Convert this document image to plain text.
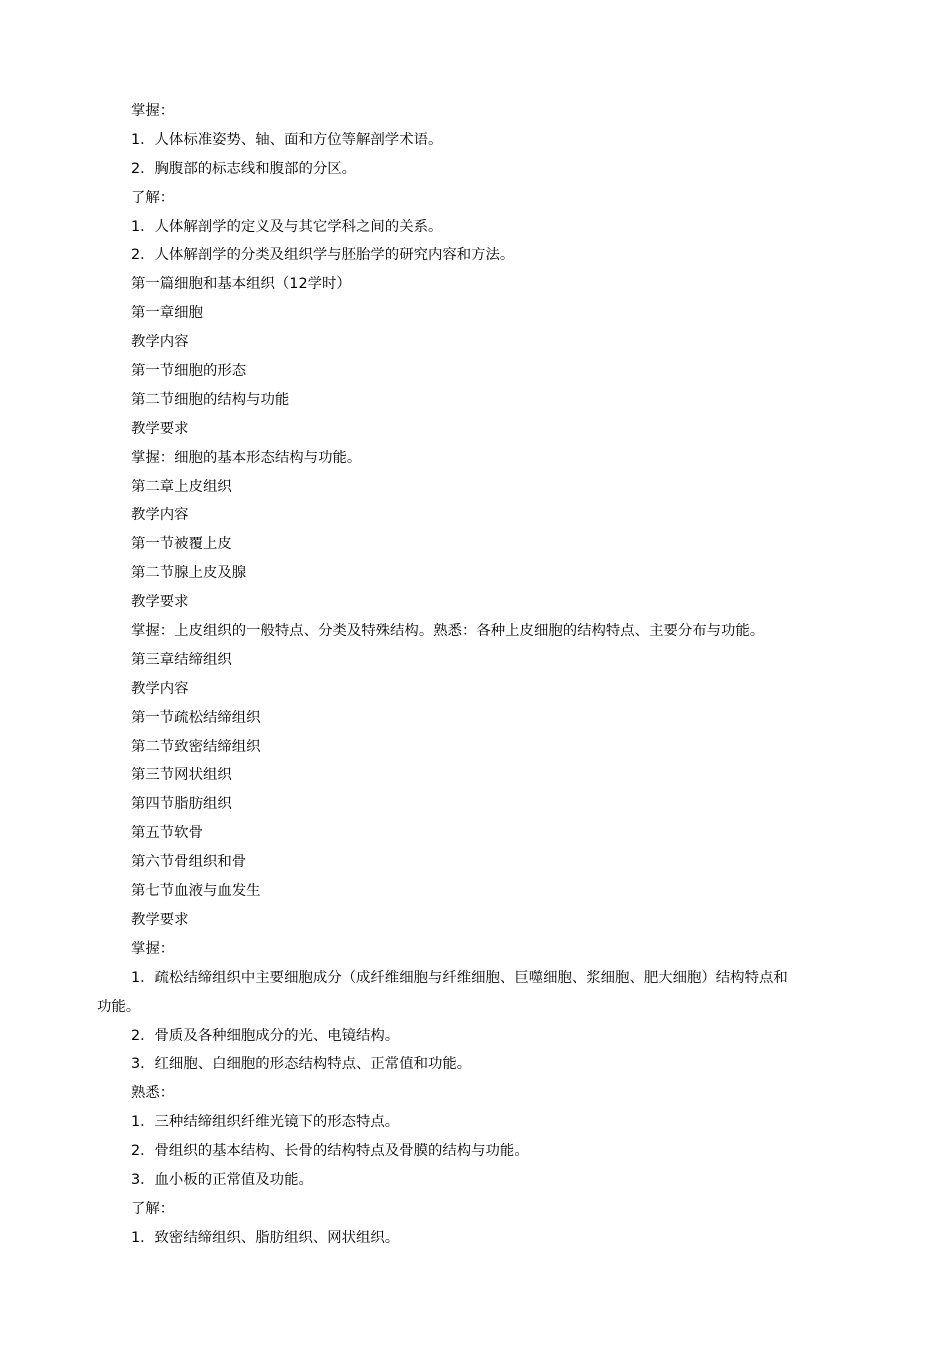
掌握：
1．人体标准姿势、轴、面和方位等解剖学术语。
2．胸腹部的标志线和腹部的分区。
了解：
1．人体解剖学的定义及与其它学科之间的关系。
2．人体解剖学的分类及组织学与胚胎学的研究内容和方法。
第一篇细胞和基本组织（12学时）
第一章细胞
教学内容
第一节细胞的形态
第二节细胞的结构与功能
教学要求
掌握：细胞的基本形态结构与功能。
第二章上皮组织
教学内容
第一节被覆上皮
第二节腺上皮及腺
教学要求
掌握：上皮组织的一般特点、分类及特殊结构。熟悉：各种上皮细胞的结构特点、主要分布与功能。
第三章结缔组织
教学内容
第一节疏松结缔组织
第二节致密结缔组织
第三节网状组织
第四节脂肪组织
第五节软骨
第六节骨组织和骨
第七节血液与血发生
教学要求
掌握：
1．疏松结缔组织中主要细胞成分（成纤维细胞与纤维细胞、巨噬细胞、浆细胞、肥大细胞）结构特点和
功能。
2．骨质及各种细胞成分的光、电镜结构。
3．红细胞、白细胞的形态结构特点、正常值和功能。
熟悉：
1．三种结缔组织纤维光镜下的形态特点。
2．骨组织的基本结构、长骨的结构特点及骨膜的结构与功能。
3．血小板的正常值及功能。
了解：
1．致密结缔组织、脂肪组织、网状组织。
